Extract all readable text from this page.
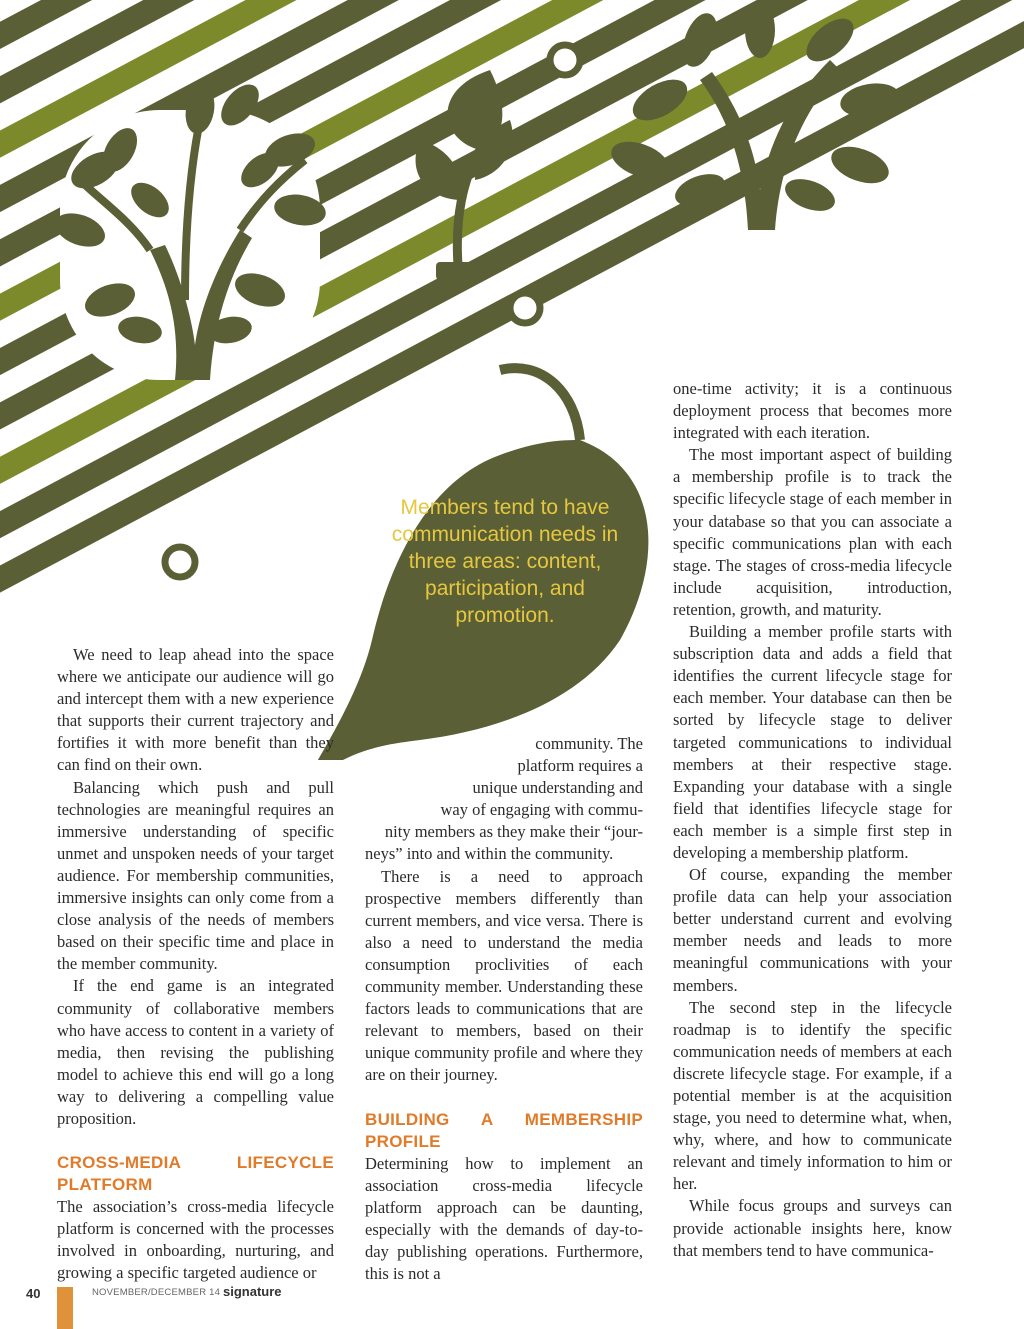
Members tend to have communication needs in three areas: content, participation, and promotion.

We need to leap ahead into the space where we anticipate our audience will go and intercept them with a new experience that supports their current trajectory and fortifies it with more benefit than they can find on their own.

Balancing which push and pull technologies are meaningful requires an immersive understanding of specific unmet and unspoken needs of your target audience. For membership communities, immersive insights can only come from a close analysis of the needs of members based on their specific time and place in the member community.

If the end game is an integrated community of collaborative members who have access to content in a variety of media, then revising the publishing model to achieve this end will go a long way to delivering a compelling value proposition.

CROSS-MEDIA LIFECYCLE PLATFORM

The association’s cross-media lifecycle platform is concerned with the processes involved in onboarding, nurturing, and growing a specific targeted audience or

community. The
platform requires a
unique understanding and
way of engaging with commu-
nity members as they make their “jour-
neys” into and within the community.

There is a need to approach prospective members differently than current members, and vice versa. There is also a need to understand the media consumption proclivities of each community member. Understanding these factors leads to communications that are relevant to members, based on their unique community profile and where they are on their journey.

BUILDING A MEMBERSHIP PROFILE

Determining how to implement an association cross-media lifecycle platform approach can be daunting, especially with the demands of day-to-day publishing operations. Furthermore, this is not a

one-time activity; it is a continuous deployment process that becomes more integrated with each iteration.

The most important aspect of building a membership profile is to track the specific lifecycle stage of each member in your database so that you can associate a specific communications plan with each stage. The stages of cross-media lifecycle include acquisition, introduction, retention, growth, and maturity.

Building a member profile starts with subscription data and adds a field that identifies the current lifecycle stage for each member. Your database can then be sorted by lifecycle stage to deliver targeted communications to individual members at their respective stage. Expanding your database with a single field that identifies lifecycle stage for each member is a simple first step in developing a membership platform.

Of course, expanding the member profile data can help your association better understand current and evolving member needs and leads to more meaningful communications with your members.

The second step in the lifecycle roadmap is to identify the specific communication needs of members at each discrete lifecycle stage. For example, if a potential member is at the acquisition stage, you need to determine what, when, why, where, and how to communicate relevant and timely information to him or her.

While focus groups and surveys can provide actionable insights here, know that members tend to have communica-

40	NOVEMBER/DECEMBER 14 signature
